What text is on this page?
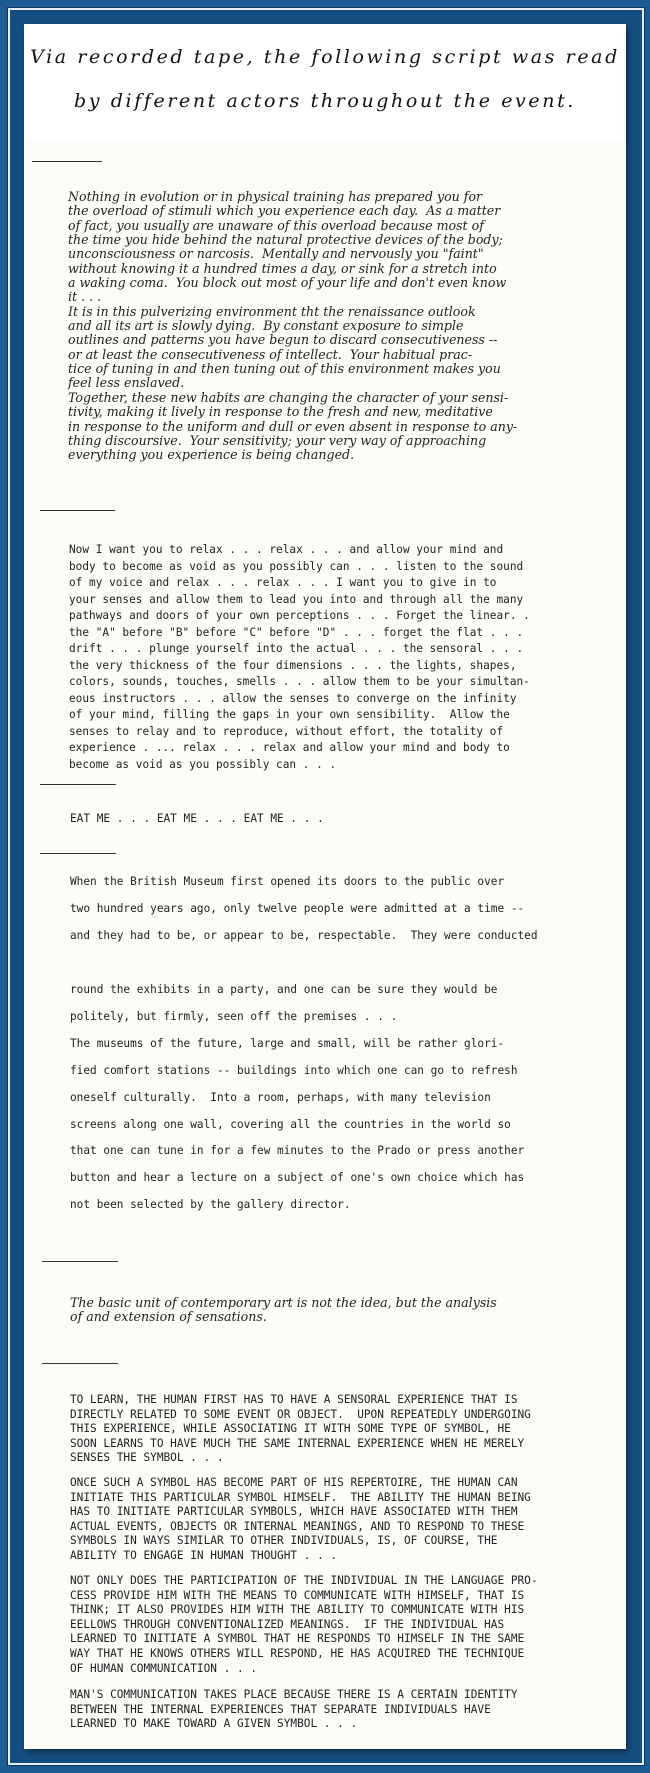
Via recorded tape, the following script was read
by different actors throughout the event.
Nothing in evolution or in physical training has prepared you for
the overload of stimuli which you experience each day.  As a matter
of fact, you usually are unaware of this overload because most of
the time you hide behind the natural protective devices of the body;
unconsciousness or narcosis.  Mentally and nervously you "faint"
without knowing it a hundred times a day, or sink for a stretch into
a waking coma.  You block out most of your life and don't even know
it . . .
It is in this pulverizing environment tht the renaissance outlook
and all its art is slowly dying.  By constant exposure to simple
outlines and patterns you have begun to discard consecutiveness --
or at least the consecutiveness of intellect.  Your habitual prac-
tice of tuning in and then tuning out of this environment makes you
feel less enslaved.
Together, these new habits are changing the character of your sensi-
tivity, making it lively in response to the fresh and new, meditative
in response to the uniform and dull or even absent in response to any-
thing discoursive.  Your sensitivity; your very way of approaching
everything you experience is being changed.
Now I want you to relax . . . relax . . . and allow your mind and
body to become as void as you possibly can . . . listen to the sound
of my voice and relax . . . relax . . . I want you to give in to
your senses and allow them to lead you into and through all the many
pathways and doors of your own perceptions . . . Forget the linear. .
the "A" before "B" before "C" before "D" . . . forget the flat . . .
drift . . . plunge yourself into the actual . . . the sensoral . . .
the very thickness of the four dimensions . . . the lights, shapes,
colors, sounds, touches, smells . . . allow them to be your simultan-
eous instructors . . . allow the senses to converge on the infinity
of your mind, filling the gaps in your own sensibility.  Allow the
senses to relay and to reproduce, without effort, the totality of
experience . ... relax . . . relax and allow your mind and body to
become as void as you possibly can . . .
EAT ME . . . EAT ME . . . EAT ME . . .
When the British Museum first opened its doors to the public over
two hundred years ago, only twelve people were admitted at a time --
and they had to be, or appear to be, respectable.  They were conducted
round the exhibits in a party, and one can be sure they would be
politely, but firmly, seen off the premises . . .
The museums of the future, large and small, will be rather glori-
fied comfort stations -- buildings into which one can go to refresh
oneself culturally.  Into a room, perhaps, with many television
screens along one wall, covering all the countries in the world so
that one can tune in for a few minutes to the Prado or press another
button and hear a lecture on a subject of one's own choice which has
not been selected by the gallery director.
The basic unit of contemporary art is not the idea, but the analysis
of and extension of sensations.
TO LEARN, THE HUMAN FIRST HAS TO HAVE A SENSORAL EXPERIENCE THAT IS
DIRECTLY RELATED TO SOME EVENT OR OBJECT.  UPON REPEATEDLY UNDERGOING
THIS EXPERIENCE, WHILE ASSOCIATING IT WITH SOME TYPE OF SYMBOL, HE
SOON LEARNS TO HAVE MUCH THE SAME INTERNAL EXPERIENCE WHEN HE MERELY
SENSES THE SYMBOL . . .
ONCE SUCH A SYMBOL HAS BECOME PART OF HIS REPERTOIRE, THE HUMAN CAN
INITIATE THIS PARTICULAR SYMBOL HIMSELF.  THE ABILITY THE HUMAN BEING
HAS TO INITIATE PARTICULAR SYMBOLS, WHICH HAVE ASSOCIATED WITH THEM
ACTUAL EVENTS, OBJECTS OR INTERNAL MEANINGS, AND TO RESPOND TO THESE
SYMBOLS IN WAYS SIMILAR TO OTHER INDIVIDUALS, IS, OF COURSE, THE
ABILITY TO ENGAGE IN HUMAN THOUGHT . . .
NOT ONLY DOES THE PARTICIPATION OF THE INDIVIDUAL IN THE LANGUAGE PRO-
CESS PROVIDE HIM WITH THE MEANS TO COMMUNICATE WITH HIMSELF, THAT IS
THINK; IT ALSO PROVIDES HIM WITH THE ABILITY TO COMMUNICATE WITH HIS
EELLOWS THROUGH CONVENTIONALIZED MEANINGS.  IF THE INDIVIDUAL HAS
LEARNED TO INITIATE A SYMBOL THAT HE RESPONDS TO HIMSELF IN THE SAME
WAY THAT HE KNOWS OTHERS WILL RESPOND, HE HAS ACQUIRED THE TECHNIQUE
OF HUMAN COMMUNICATION . . .
MAN'S COMMUNICATION TAKES PLACE BECAUSE THERE IS A CERTAIN IDENTITY
BETWEEN THE INTERNAL EXPERIENCES THAT SEPARATE INDIVIDUALS HAVE
LEARNED TO MAKE TOWARD A GIVEN SYMBOL . . .
